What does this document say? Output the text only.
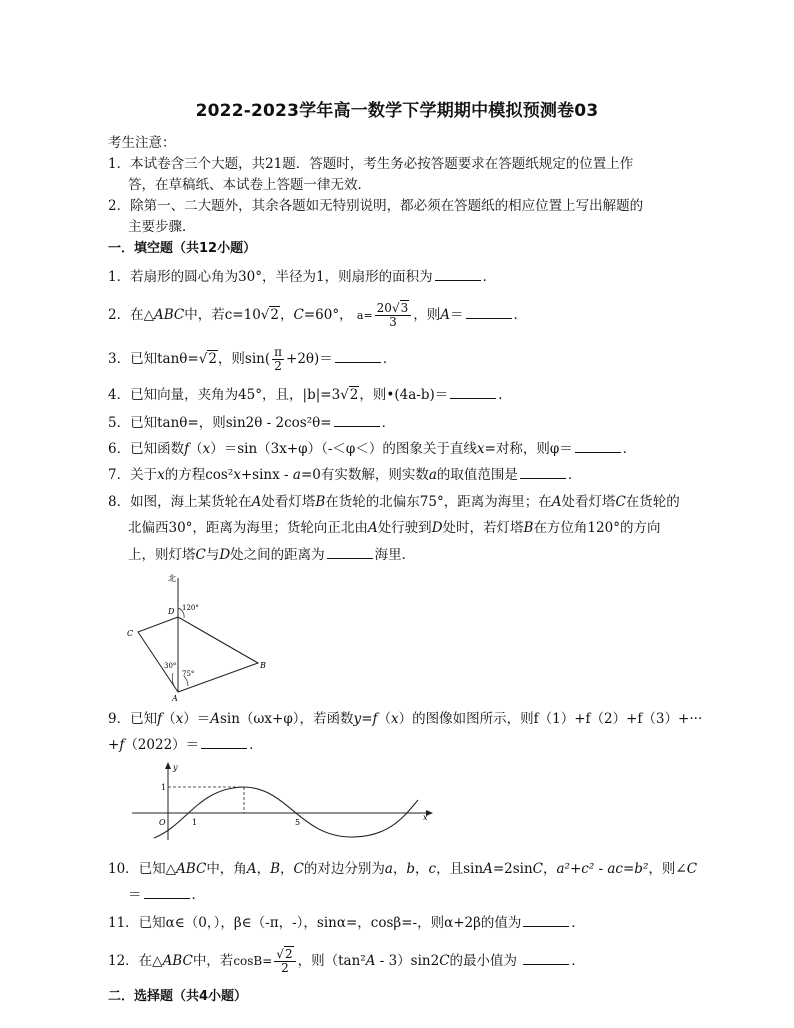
2022-2023学年高一数学下学期期中模拟预测卷03
考生注意：
1．本试卷含三个大题，共21题．答题时，考生务必按答题要求在答题纸规定的位置上作
答，在草稿纸、本试卷上答题一律无效．
2．除第一、二大题外，其余各题如无特别说明，都必须在答题纸的相应位置上写出解题的
主要步骤．
一．填空题（共12小题）
1．若扇形的圆心角为30°，半径为1，则扇形的面积为	．
2．在△ABC中，若c=10√2，C=60°， $a= \frac{20√3}{3}$ ，则A＝	．
3．已知tanθ=√2，则$\sin( \frac{\pi}{2} +2\theta)=$	．
4．已知向量，夹角为45°，且，|b|=3√2，则•(4a-b)＝	．
5．已知tanθ=，则sin2θ - 2cos²θ=	．
6．已知函数f（x）＝sin（3x+φ）（-＜φ＜）的图象关于直线x=对称，则φ＝	．
7．关于x的方程cos²x+sinx - a=0有实数解，则实数a的取值范围是	．
8．如图，海上某货轮在A处看灯塔B在货轮的北偏东75°，距离为海里；在A处看灯塔C在货轮的
北偏西30°，距离为海里；货轮向正北由A处行驶到D处时，若灯塔B在方位角120°的方向
上，则灯塔C与D处之间的距离为	海里．
北
D 120°
C
B
30°
75°
A
9．已知f（x）＝Asin（ωx+φ），若函数y=f（x）的图像如图所示，则f（1）+f（2）+f（3）+···
+f（2022）＝	．
y
1
O	1	5
x
10．已知△ABC中，角A，B，C的对边分别为a，b，c，且sinA=2sinC，a²+c² - ac=b²，则∠C
＝	．
11．已知α∈（0，），β∈（-π，-），sinα=，cosβ=-，则α+2β的值为	．
12．在△ABC中，若$\cos B= \frac{√2}{2}$ ，则（tan²A - 3）sin2C的最小值为	．
二．选择题（共4小题）
